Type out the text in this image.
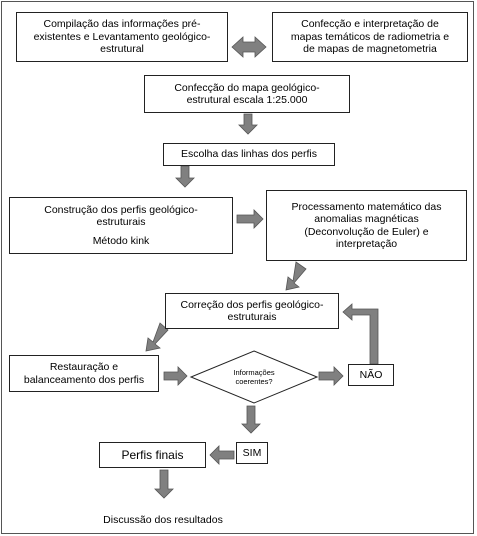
Compilação das informações pré-
existentes e Levantamento geológico-
estrutural
Confecção e interpretação de
mapas temáticos de radiometria e
de mapas de magnetometria
Confecção do mapa geológico-
estrutural escala 1:25.000
Escolha das linhas dos perfis
Construção dos perfis geológico-
estruturais
Método kink
Processamento matemático das
anomalias magnéticas
(Deconvolução de Euler) e
interpretação
Correção dos perfis geológico-
estruturais
Restauração e
balanceamento dos perfis
Informações
coerentes?
NÃO
SIM
Perfis finais
Discussão dos resultados
